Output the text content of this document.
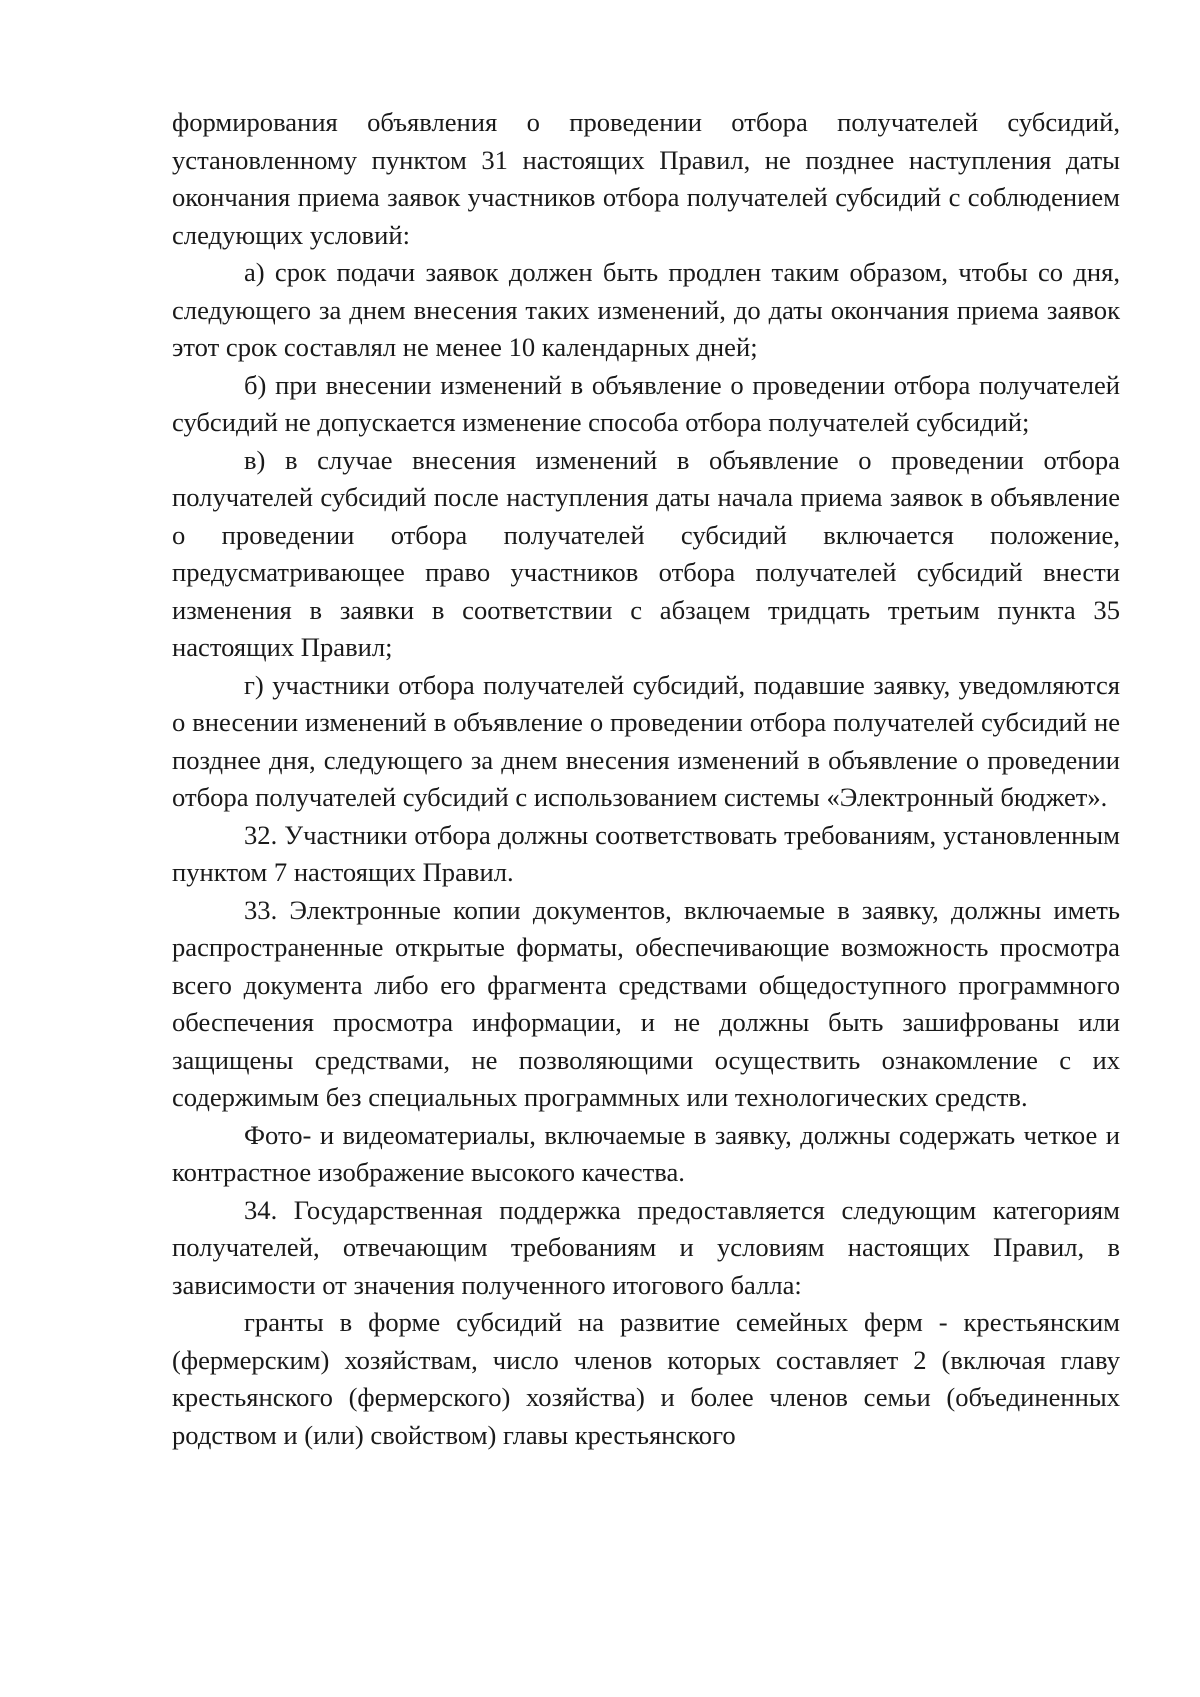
формирования объявления о проведении отбора получателей субсидий, установленному пунктом 31 настоящих Правил, не позднее наступления даты окончания приема заявок участников отбора получателей субсидий с соблюдением следующих условий:

а) срок подачи заявок должен быть продлен таким образом, чтобы со дня, следующего за днем внесения таких изменений, до даты окончания приема заявок этот срок составлял не менее 10 календарных дней;

б) при внесении изменений в объявление о проведении отбора получателей субсидий не допускается изменение способа отбора получателей субсидий;

в) в случае внесения изменений в объявление о проведении отбора получателей субсидий после наступления даты начала приема заявок в объявление о проведении отбора получателей субсидий включается положение, предусматривающее право участников отбора получателей субсидий внести изменения в заявки в соответствии с абзацем тридцать третьим пункта 35 настоящих Правил;

г) участники отбора получателей субсидий, подавшие заявку, уведомляются о внесении изменений в объявление о проведении отбора получателей субсидий не позднее дня, следующего за днем внесения изменений в объявление о проведении отбора получателей субсидий с использованием системы «Электронный бюджет».

32. Участники отбора должны соответствовать требованиям, установленным пунктом 7 настоящих Правил.

33. Электронные копии документов, включаемые в заявку, должны иметь распространенные открытые форматы, обеспечивающие возможность просмотра всего документа либо его фрагмента средствами общедоступного программного обеспечения просмотра информации, и не должны быть зашифрованы или защищены средствами, не позволяющими осуществить ознакомление с их содержимым без специальных программных или технологических средств.

Фото- и видеоматериалы, включаемые в заявку, должны содержать четкое и контрастное изображение высокого качества.

34. Государственная поддержка предоставляется следующим категориям получателей, отвечающим требованиям и условиям настоящих Правил, в зависимости от значения полученного итогового балла:

гранты в форме субсидий на развитие семейных ферм - крестьянским (фермерским) хозяйствам, число членов которых составляет 2 (включая главу крестьянского (фермерского) хозяйства) и более членов семьи (объединенных родством и (или) свойством) главы крестьянского
